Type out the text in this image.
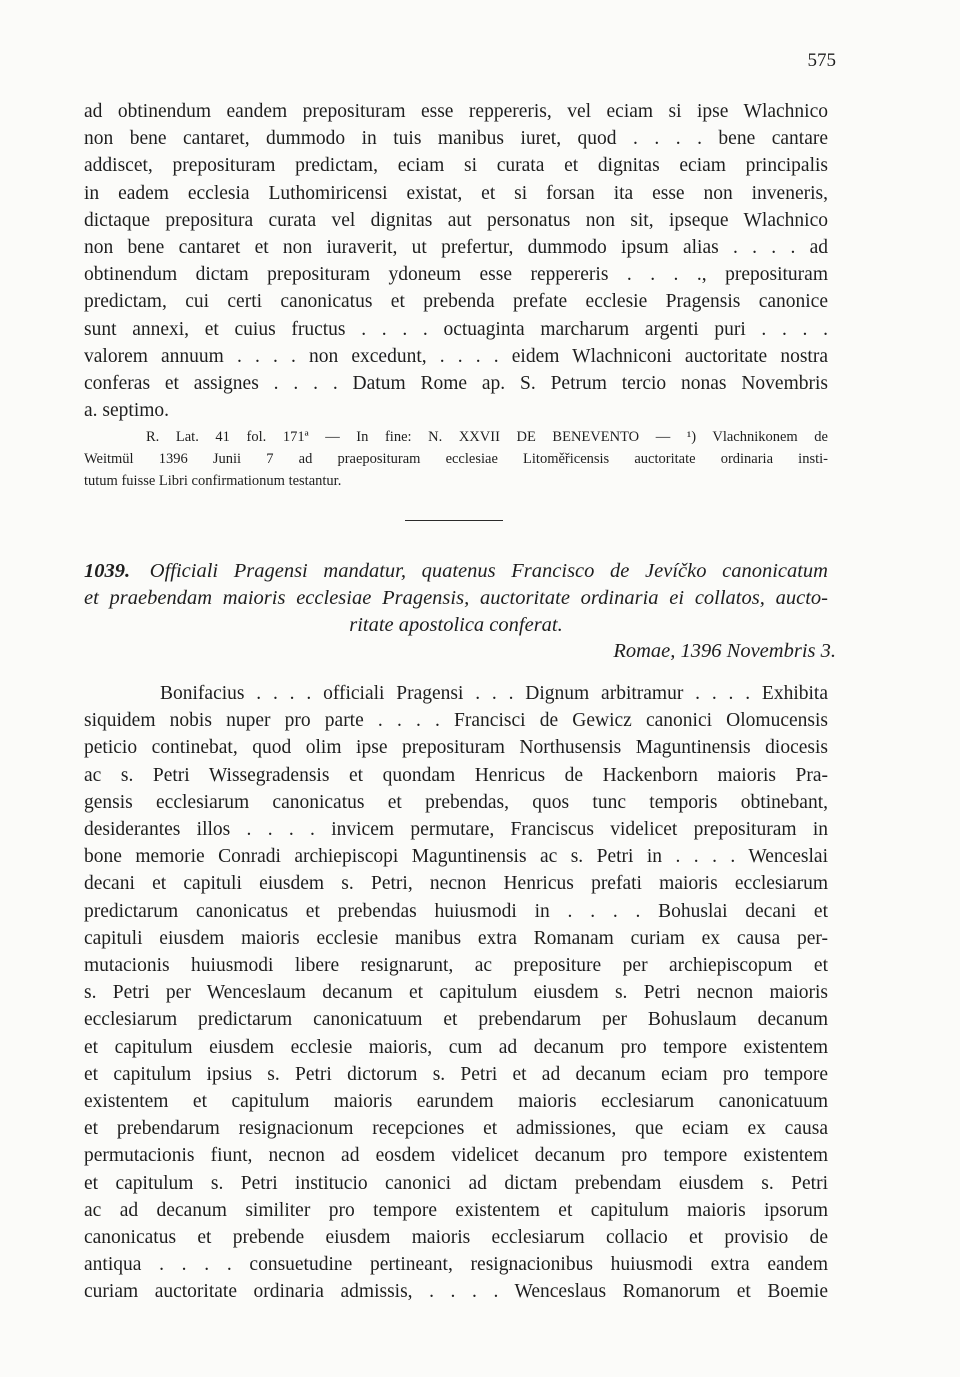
575
ad obtinendum eandem preposituram esse reppereris, vel eciam si ipse Wlachnico
non bene cantaret, dummodo in tuis manibus iuret, quod . . . . bene cantare
addiscet, preposituram predictam, eciam si curata et dignitas eciam principalis
in eadem ecclesia Luthomiricensi existat, et si forsan ita esse non inveneris,
dictaque prepositura curata vel dignitas aut personatus non sit, ipseque Wlachnico
non bene cantaret et non iuraverit, ut prefertur, dummodo ipsum alias . . . . ad
obtinendum dictam preposituram ydoneum esse reppereris . . . ., preposituram
predictam, cui certi canonicatus et prebenda prefate ecclesie Pragensis canonice
sunt annexi, et cuius fructus . . . . octuaginta marcharum argenti puri . . . .
valorem annuum . . . . non excedunt, . . . . eidem Wlachniconi auctoritate nostra
conferas et assignes . . . . Datum Rome ap. S. Petrum tercio nonas Novembris
a. septimo.
R. Lat. 41 fol. 171ª — In fine: N. XXVII DE BENEVENTO — ¹) Vlachnikonem de
Weitmül 1396 Junii 7 ad praeposituram ecclesiae Litoměřicensis auctoritate ordinaria insti-
tutum fuisse Libri confirmationum testantur.
1039. Officiali Pragensi mandatur, quatenus Francisco de Jevíčko canonicatum
et praebendam maioris ecclesiae Pragensis, auctoritate ordinaria ei collatos, aucto-
ritate apostolica conferat.
Romae, 1396 Novembris 3.
Bonifacius . . . . officiali Pragensi . . . Dignum arbitramur . . . . Exhibita
siquidem nobis nuper pro parte . . . . Francisci de Gewicz canonici Olomucensis
peticio continebat, quod olim ipse preposituram Northusensis Maguntinensis diocesis
ac s. Petri Wissegradensis et quondam Henricus de Hackenborn maioris Pra-
gensis ecclesiarum canonicatus et prebendas, quos tunc temporis obtinebant,
desiderantes illos . . . . invicem permutare, Franciscus videlicet preposituram in
bone memorie Conradi archiepiscopi Maguntinensis ac s. Petri in . . . . Wenceslai
decani et capituli eiusdem s. Petri, necnon Henricus prefati maioris ecclesiarum
predictarum canonicatus et prebendas huiusmodi in . . . . Bohuslai decani et
capituli eiusdem maioris ecclesie manibus extra Romanam curiam ex causa per-
mutacionis huiusmodi libere resignarunt, ac prepositure per archiepiscopum et
s. Petri per Wenceslaum decanum et capitulum eiusdem s. Petri necnon maioris
ecclesiarum predictarum canonicatuum et prebendarum per Bohuslaum decanum
et capitulum eiusdem ecclesie maioris, cum ad decanum pro tempore existentem
et capitulum ipsius s. Petri dictorum s. Petri et ad decanum eciam pro tempore
existentem et capitulum maioris earundem maioris ecclesiarum canonicatuum
et prebendarum resignacionum recepciones et admissiones, que eciam ex causa
permutacionis fiunt, necnon ad eosdem videlicet decanum pro tempore existentem
et capitulum s. Petri institucio canonici ad dictam prebendam eiusdem s. Petri
ac ad decanum similiter pro tempore existentem et capitulum maioris ipsorum
canonicatus et prebende eiusdem maioris ecclesiarum collacio et provisio de
antiqua . . . . consuetudine pertineant, resignacionibus huiusmodi extra eandem
curiam auctoritate ordinaria admissis, . . . . Wenceslaus Romanorum et Boemie
